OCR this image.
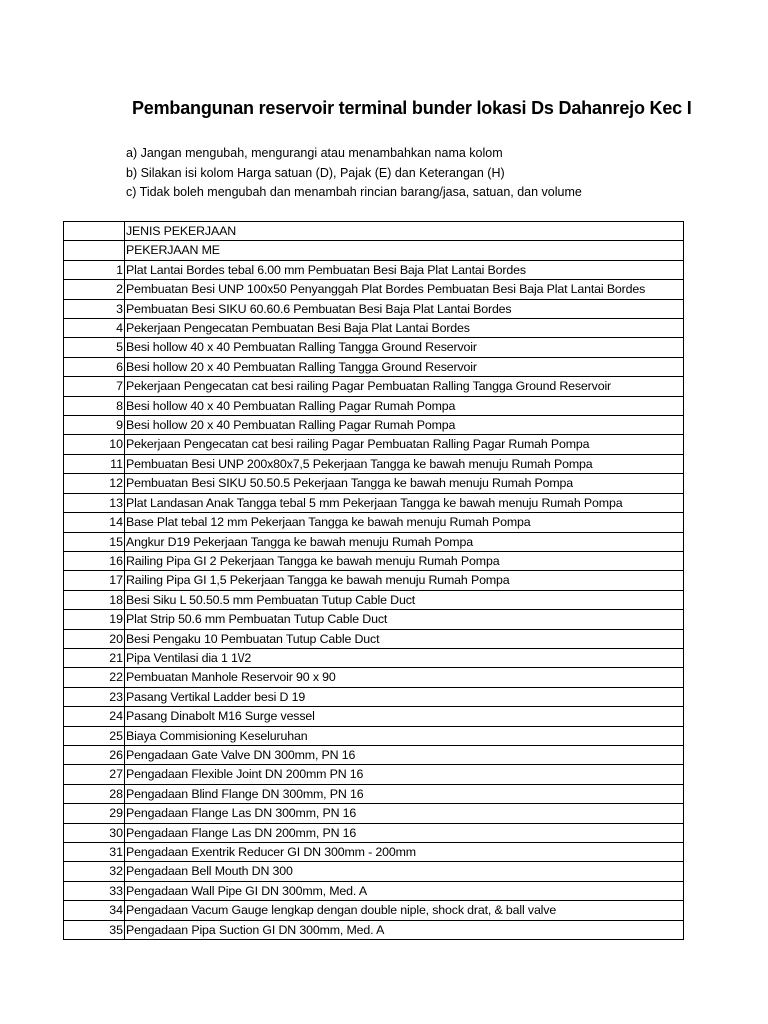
Pembangunan reservoir terminal bunder lokasi Ds Dahanrejo Kec I
a) Jangan mengubah, mengurangi atau menambahkan nama kolom
b) Silakan isi kolom Harga satuan (D), Pajak (E) dan Keterangan (H)
c) Tidak boleh mengubah dan menambah rincian barang/jasa, satuan, dan volume
	JENIS PEKERJAAN
	PEKERJAAN ME
1	Plat Lantai Bordes tebal 6.00 mm Pembuatan Besi Baja Plat Lantai Bordes
2	Pembuatan Besi UNP 100x50 Penyanggah Plat Bordes Pembuatan Besi Baja Plat Lantai Bordes
3	Pembuatan Besi SIKU 60.60.6 Pembuatan Besi Baja Plat Lantai Bordes
4	Pekerjaan Pengecatan Pembuatan Besi Baja Plat Lantai Bordes
5	Besi hollow 40 x 40 Pembuatan Ralling Tangga Ground Reservoir
6	Besi hollow 20 x 40 Pembuatan Ralling Tangga Ground Reservoir
7	Pekerjaan Pengecatan cat besi railing Pagar Pembuatan Ralling Tangga Ground Reservoir
8	Besi hollow 40 x 40 Pembuatan Ralling Pagar Rumah Pompa
9	Besi hollow 20 x 40 Pembuatan Ralling Pagar Rumah Pompa
10	Pekerjaan Pengecatan cat besi railing Pagar Pembuatan Ralling Pagar Rumah Pompa
11	Pembuatan Besi UNP 200x80x7,5 Pekerjaan Tangga ke bawah menuju Rumah Pompa
12	Pembuatan Besi SIKU 50.50.5 Pekerjaan Tangga ke bawah menuju Rumah Pompa
13	Plat Landasan Anak Tangga tebal 5 mm Pekerjaan Tangga ke bawah menuju Rumah Pompa
14	Base Plat tebal 12 mm Pekerjaan Tangga ke bawah menuju Rumah Pompa
15	Angkur D19 Pekerjaan Tangga ke bawah menuju Rumah Pompa
16	Railing Pipa GI 2 Pekerjaan Tangga ke bawah menuju Rumah Pompa
17	Railing Pipa GI 1,5 Pekerjaan Tangga ke bawah menuju Rumah Pompa
18	Besi Siku L 50.50.5 mm Pembuatan Tutup Cable Duct
19	Plat Strip 50.6 mm Pembuatan Tutup Cable Duct
20	Besi Pengaku 10 Pembuatan Tutup Cable Duct
21	Pipa Ventilasi dia 1 1\/2
22	Pembuatan Manhole Reservoir 90 x 90
23	Pasang Vertikal Ladder besi D 19
24	Pasang Dinabolt M16 Surge vessel
25	Biaya Commisioning Keseluruhan
26	Pengadaan Gate Valve DN 300mm, PN 16
27	Pengadaan Flexible Joint DN 200mm PN 16
28	Pengadaan Blind Flange DN 300mm, PN 16
29	Pengadaan Flange Las DN 300mm, PN 16
30	Pengadaan Flange Las DN 200mm, PN 16
31	Pengadaan Exentrik Reducer GI DN 300mm - 200mm
32	Pengadaan Bell Mouth DN 300
33	Pengadaan Wall Pipe GI DN 300mm, Med. A
34	Pengadaan Vacum Gauge lengkap dengan double niple, shock drat, & ball valve
35	Pengadaan Pipa Suction GI DN 300mm, Med. A
